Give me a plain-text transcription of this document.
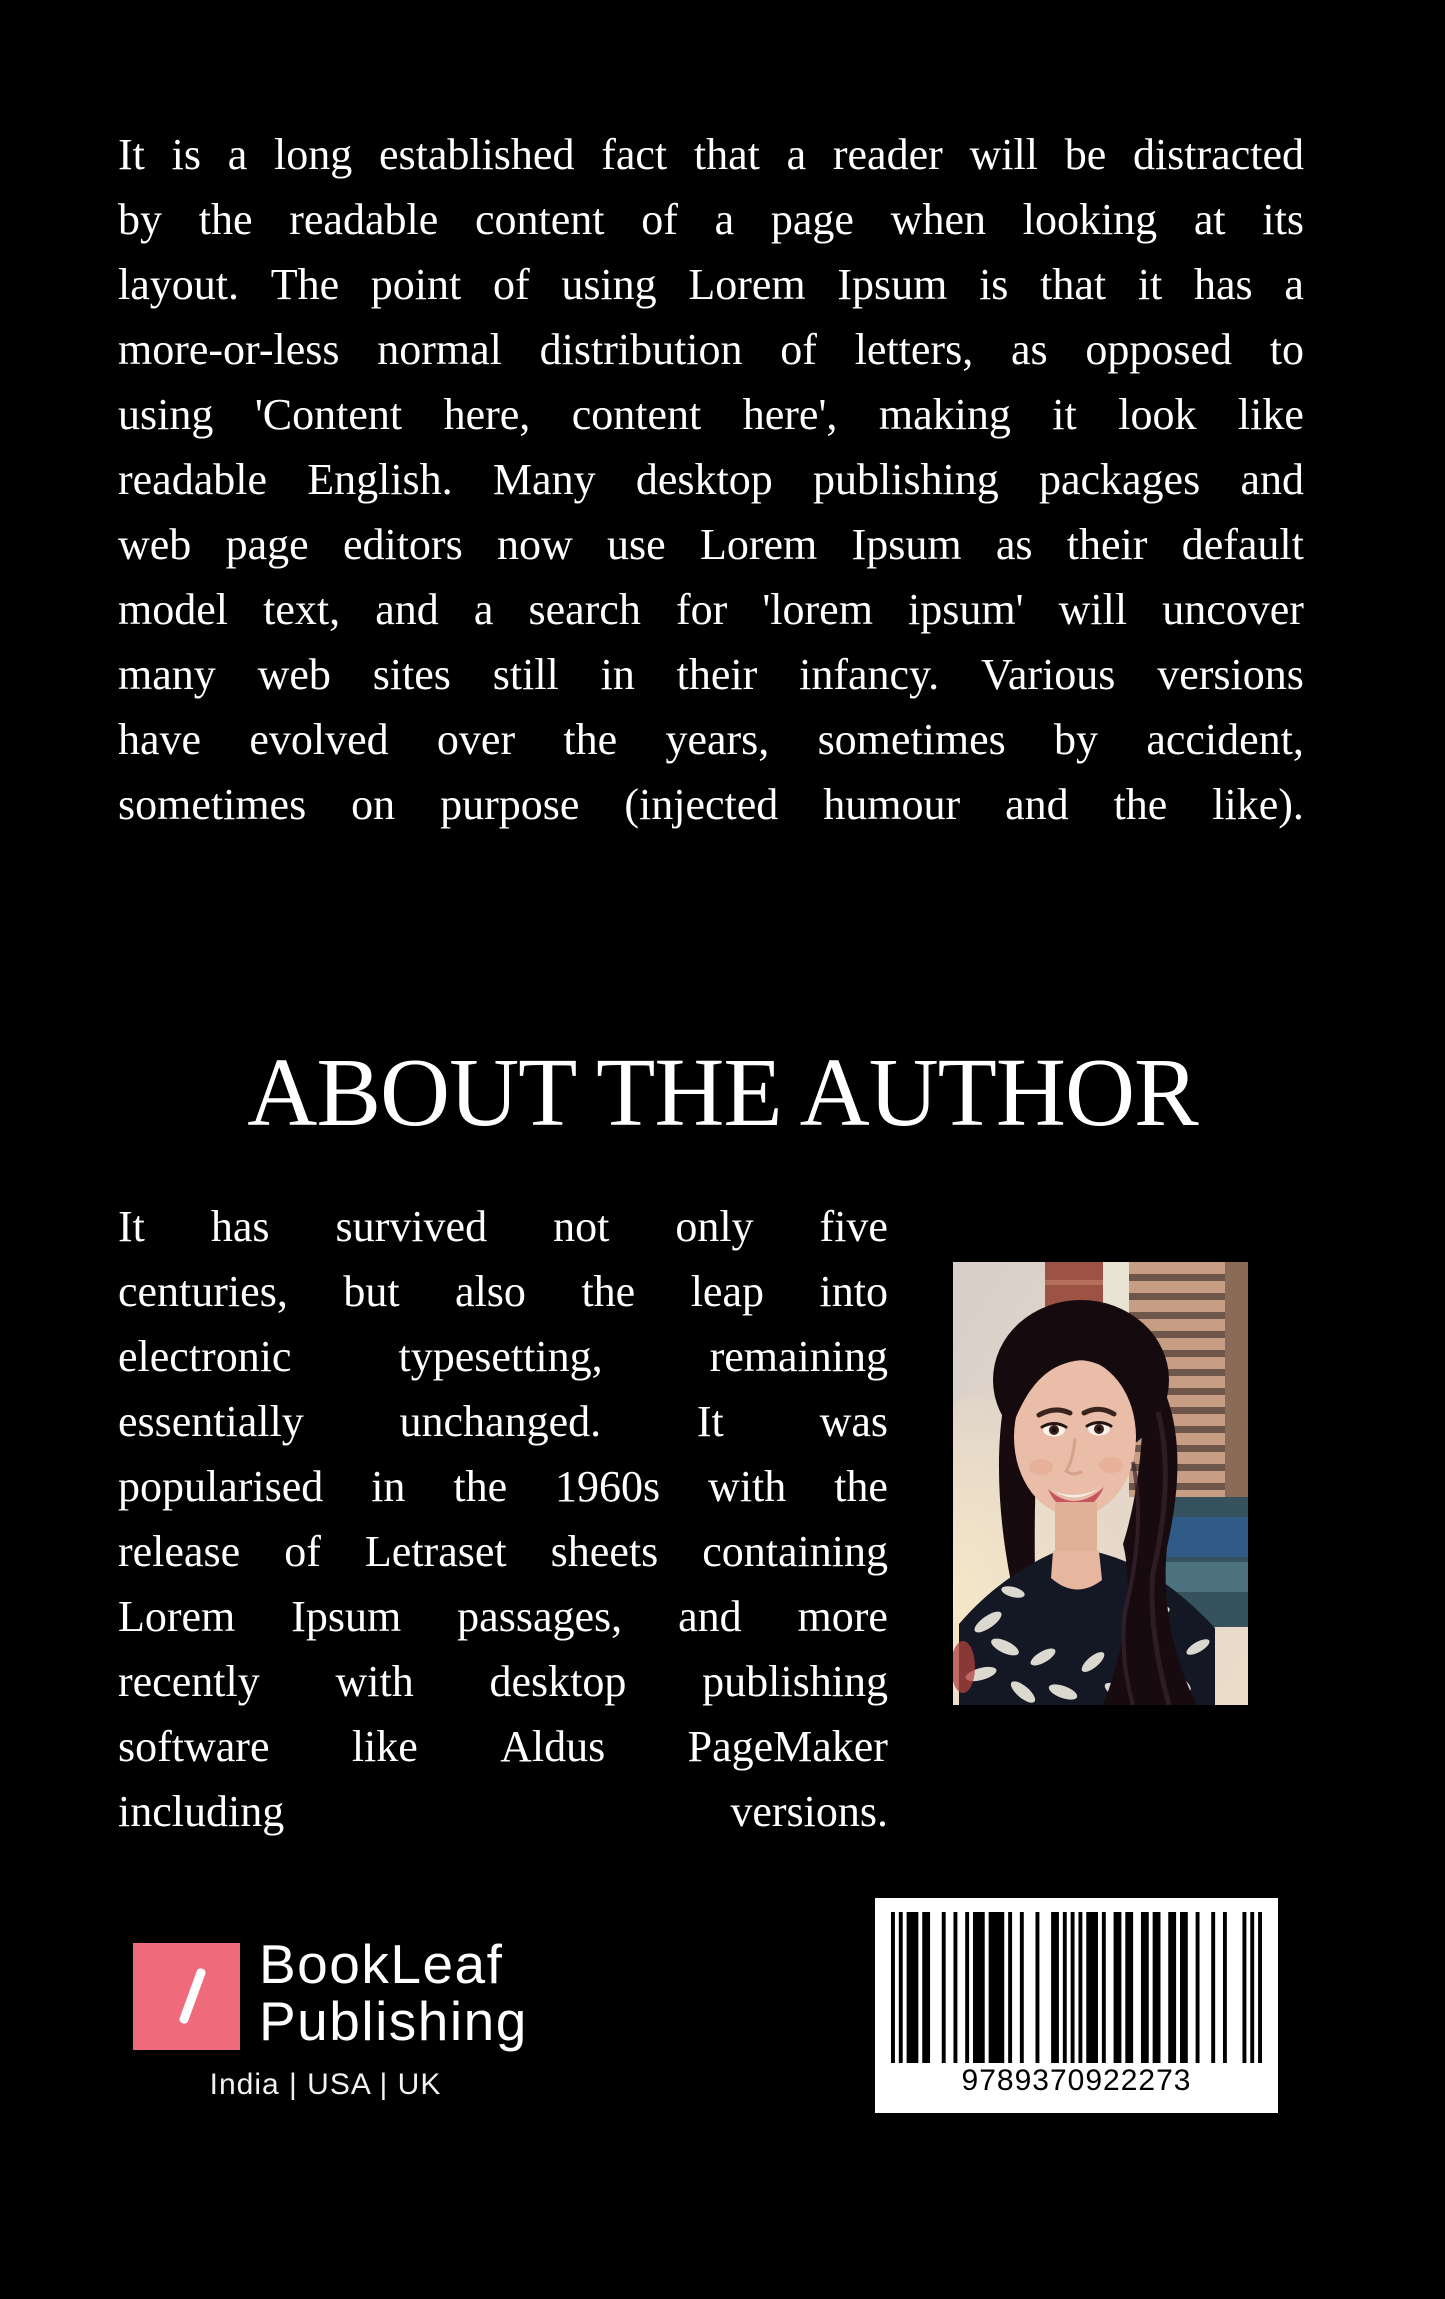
It is a long established fact that a reader will be distracted
by the readable content of a page when looking at its
layout. The point of using Lorem Ipsum is that it has a
more-or-less normal distribution of letters, as opposed to
using 'Content here, content here', making it look like
readable English. Many desktop publishing packages and
web page editors now use Lorem Ipsum as their default
model text, and a search for 'lorem ipsum' will uncover
many web sites still in their infancy. Various versions
have evolved over the years, sometimes by accident,
sometimes on purpose (injected humour and the like).
ABOUT THE AUTHOR
It has survived not only five
centuries, but also the leap into
electronic typesetting, remaining
essentially unchanged. It was
popularised in the 1960s with the
release of Letraset sheets containing
Lorem Ipsum passages, and more
recently with desktop publishing
software like Aldus PageMaker
including	versions.
BookLeaf
Publishing
India | USA | UK	9789370922273
